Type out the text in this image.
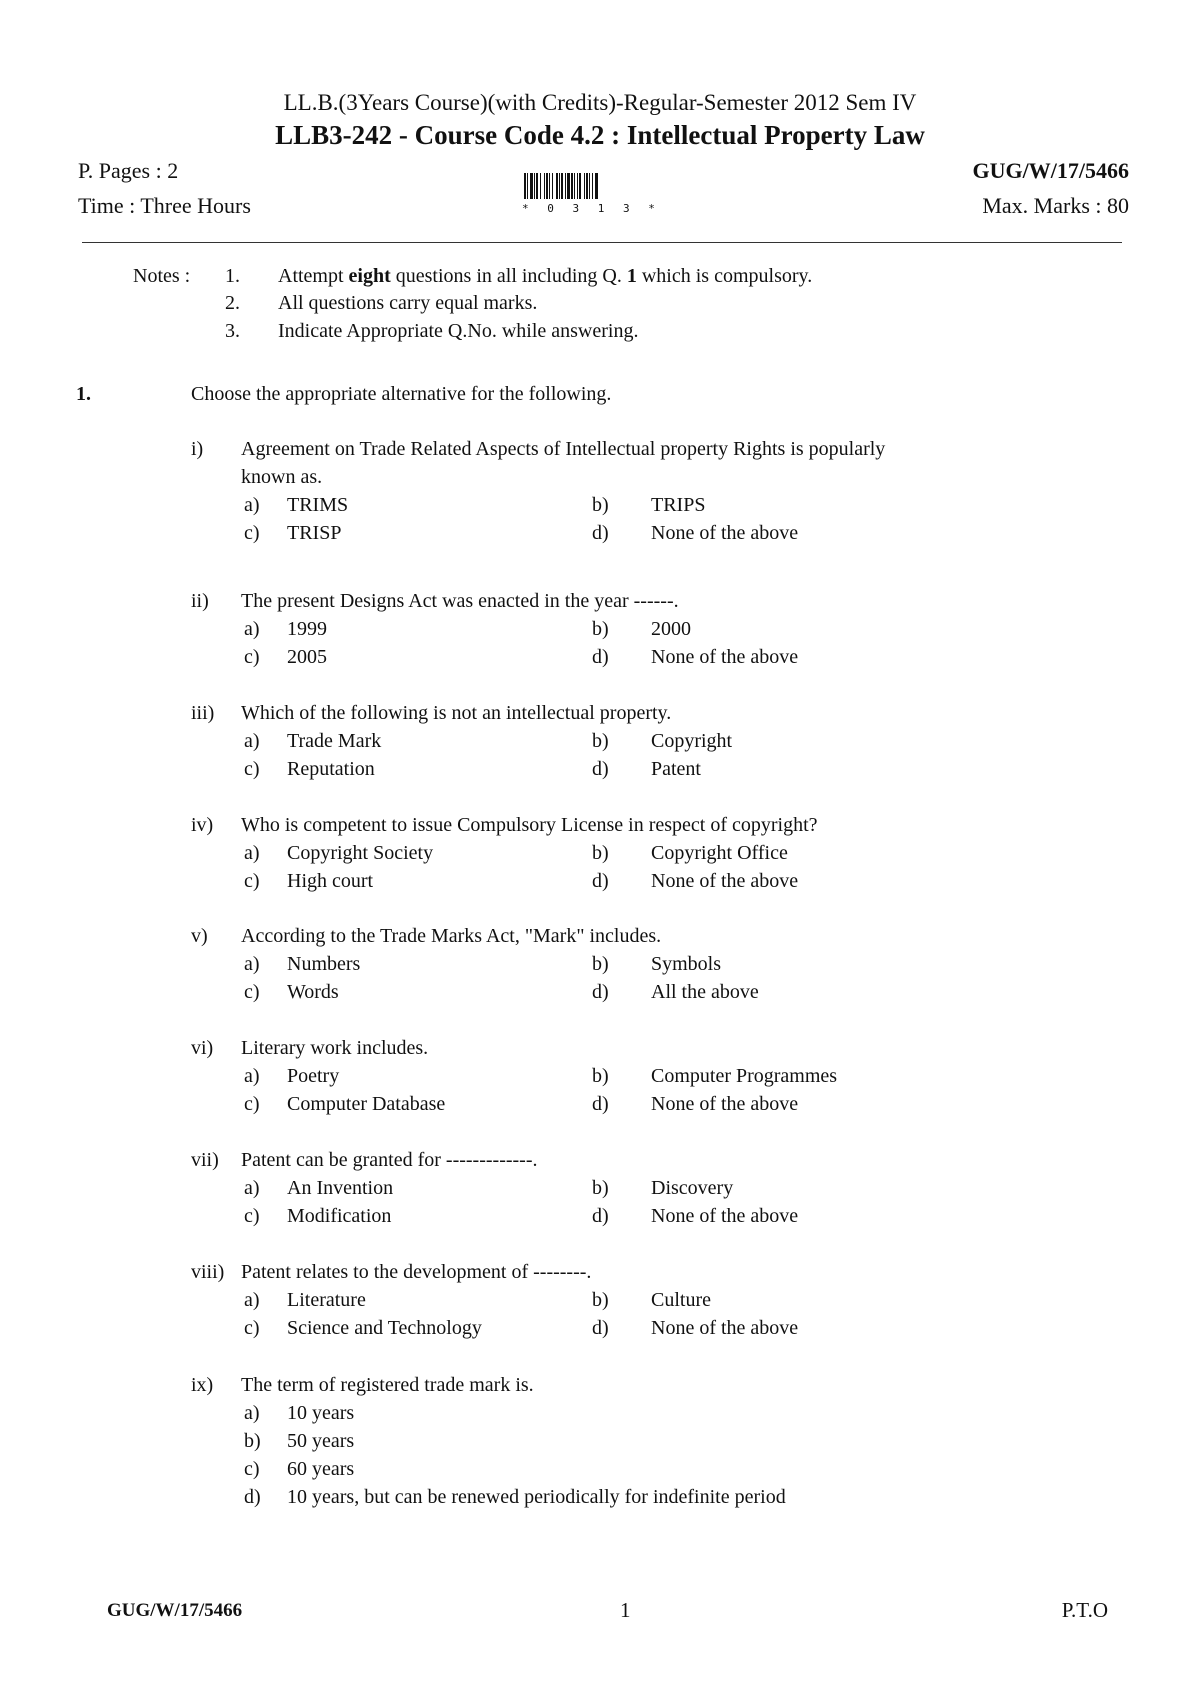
LL.B.(3Years Course)(with Credits)-Regular-Semester 2012 Sem IV
LLB3-242 - Course Code 4.2 : Intellectual Property Law
P. Pages : 2
Time : Three Hours
GUG/W/17/5466
Max. Marks : 80
* 0 3 1 3 *
Notes : 1. Attempt eight questions in all including Q. 1 which is compulsory.
2. All questions carry equal marks.
3. Indicate Appropriate Q.No. while answering.
1.	Choose the appropriate alternative for the following.
i) Agreement on Trade Related Aspects of Intellectual property Rights is popularly
known as.
a) TRIMS	b) TRIPS
c) TRISP	d) None of the above
ii) The present Designs Act was enacted in the year ------.
a) 1999	b) 2000
c) 2005	d) None of the above
iii) Which of the following is not an intellectual property.
a) Trade Mark	b) Copyright
c) Reputation	d) Patent
iv) Who is competent to issue Compulsory License in respect of copyright?
a) Copyright Society	b) Copyright Office
c) High court	d) None of the above
v) According to the Trade Marks Act, "Mark" includes.
a) Numbers	b) Symbols
c) Words	d) All the above
vi) Literary work includes.
a) Poetry	b) Computer Programmes
c) Computer Database	d) None of the above
vii) Patent can be granted for -------------.
a) An Invention	b) Discovery
c) Modification	d) None of the above
viii) Patent relates to the development of --------.
a) Literature	b) Culture
c) Science and Technology	d) None of the above
ix) The term of registered trade mark is.
a) 10 years
b) 50 years
c) 60 years
d) 10 years, but can be renewed periodically for indefinite period
GUG/W/17/5466	1	P.T.O
